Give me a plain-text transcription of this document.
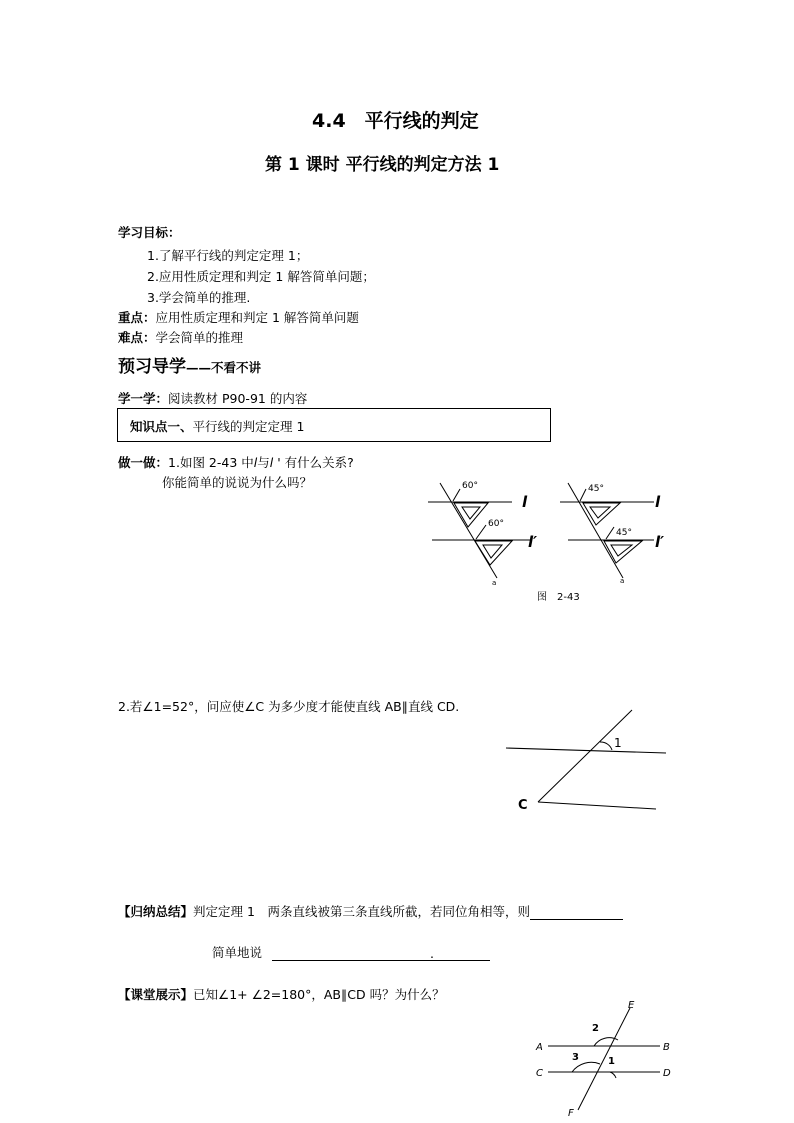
4.4　平行线的判定
第 1 课时 平行线的判定方法 1
学习目标：
1.了解平行线的判定定理 1；
2.应用性质定理和判定 1 解答简单问题；
3.学会简单的推理.
重点：应用性质定理和判定 1 解答简单问题
难点：学会简单的推理
预习导学——不看不讲
学一学：阅读教材 P90-91 的内容
知识点一、平行线的判定定理 1
做一做：1.如图 2-43 中l与l ' 有什么关系?
你能简单的说说为什么吗？	60°
60°
45°
45°
a	a
l
l′
l
l′
图　2-43
2.若∠1=52°，问应使∠C 为多少度才能使直线 AB∥直线 CD.
1
C
【归纳总结】判定定理 1　两条直线被第三条直线所截，若同位角相等，则
简单地说	.
【课堂展示】已知∠1+ ∠2=180°，AB∥CD 吗？为什么？
E
A	B
C	D
F
2
1
3
